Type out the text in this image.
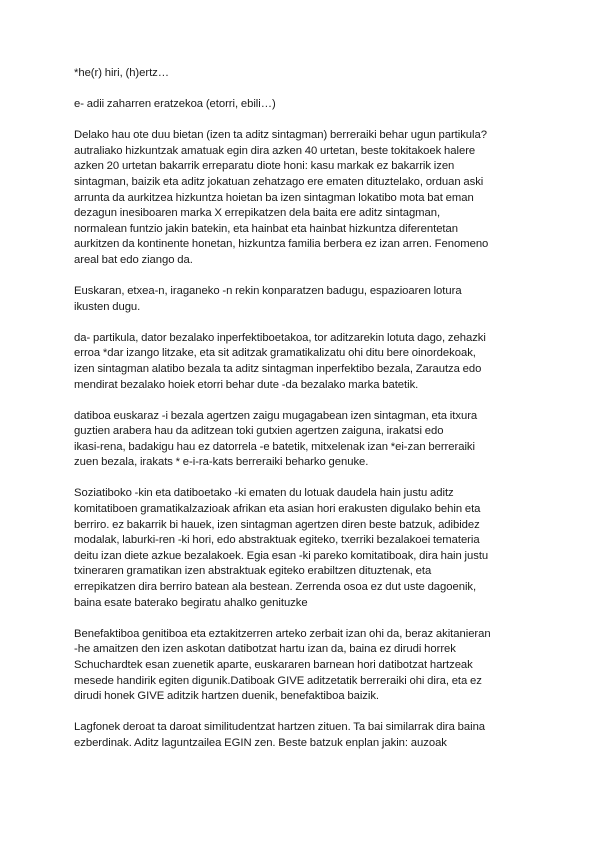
*he(r) hiri, (h)ertz…

e- adii zaharren eratzekoa (etorri, ebili…)

Delako hau ote duu bietan (izen ta aditz sintagman) berreraiki behar ugun partikula?
autraliako hizkuntzak amatuak egin dira azken 40 urtetan, beste tokitakoek halere
azken 20 urtetan bakarrik erreparatu diote honi: kasu markak ez bakarrik izen
sintagman, baizik eta aditz jokatuan zehatzago ere ematen dituztelako, orduan aski
arrunta da aurkitzea hizkuntza hoietan ba izen sintagman lokatibo mota bat eman
dezagun inesiboaren marka X errepikatzen dela baita ere aditz sintagman,
normalean funtzio jakin batekin, eta hainbat eta hainbat hizkuntza diferentetan
aurkitzen da kontinente honetan, hizkuntza familia berbera ez izan arren. Fenomeno
areal bat edo ziango da.

Euskaran, etxea-n, iraganeko -n rekin konparatzen badugu, espazioaren lotura
ikusten dugu.

da- partikula, dator bezalako inperfektiboetakoa, tor aditzarekin lotuta dago, zehazki
erroa *dar izango litzake, eta sit aditzak gramatikalizatu ohi ditu bere oinordekoak,
izen sintagman alatibo bezala ta aditz sintagman inperfektibo bezala, Zarautza edo
mendirat bezalako hoiek etorri behar dute -da bezalako marka batetik.

datiboa euskaraz -i bezala agertzen zaigu mugagabean izen sintagman, eta itxura
guztien arabera hau da aditzean toki gutxien agertzen zaiguna, irakatsi edo
ikasi-rena, badakigu hau ez datorrela -e batetik, mitxelenak izan *ei-zan berreraiki
zuen bezala, irakats * e-i-ra-kats berreraiki beharko genuke.

Soziatiboko -kin eta datiboetako -ki ematen du lotuak daudela hain justu aditz
komitatiboen gramatikalzazioak afrikan eta asian hori erakusten digulako behin eta
berriro. ez bakarrik bi hauek, izen sintagman agertzen diren beste batzuk, adibidez
modalak, laburki-ren -ki hori, edo abstraktuak egiteko, txerriki bezalakoei temateria
deitu izan diete azkue bezalakoek. Egia esan -ki pareko komitatiboak, dira hain justu
txineraren gramatikan izen abstraktuak egiteko erabiltzen dituztenak, eta
errepikatzen dira berriro batean ala bestean. Zerrenda osoa ez dut uste dagoenik,
baina esate baterako begiratu ahalko genituzke

Benefaktiboa genitiboa eta eztakitzerren arteko zerbait izan ohi da, beraz akitanieran
-he amaitzen den izen askotan datibotzat hartu izan da, baina ez dirudi horrek
Schuchardtek esan zuenetik aparte, euskararen barnean hori datibotzat hartzeak
mesede handirik egiten digunik.Datiboak GIVE aditzetatik berreraiki ohi dira, eta ez
dirudi honek GIVE aditzik hartzen duenik, benefaktiboa baizik.

Lagfonek deroat ta daroat similitudentzat hartzen zituen. Ta bai similarrak dira baina
ezberdinak. Aditz laguntzailea EGIN zen. Beste batzuk enplan jakin: auzoak
